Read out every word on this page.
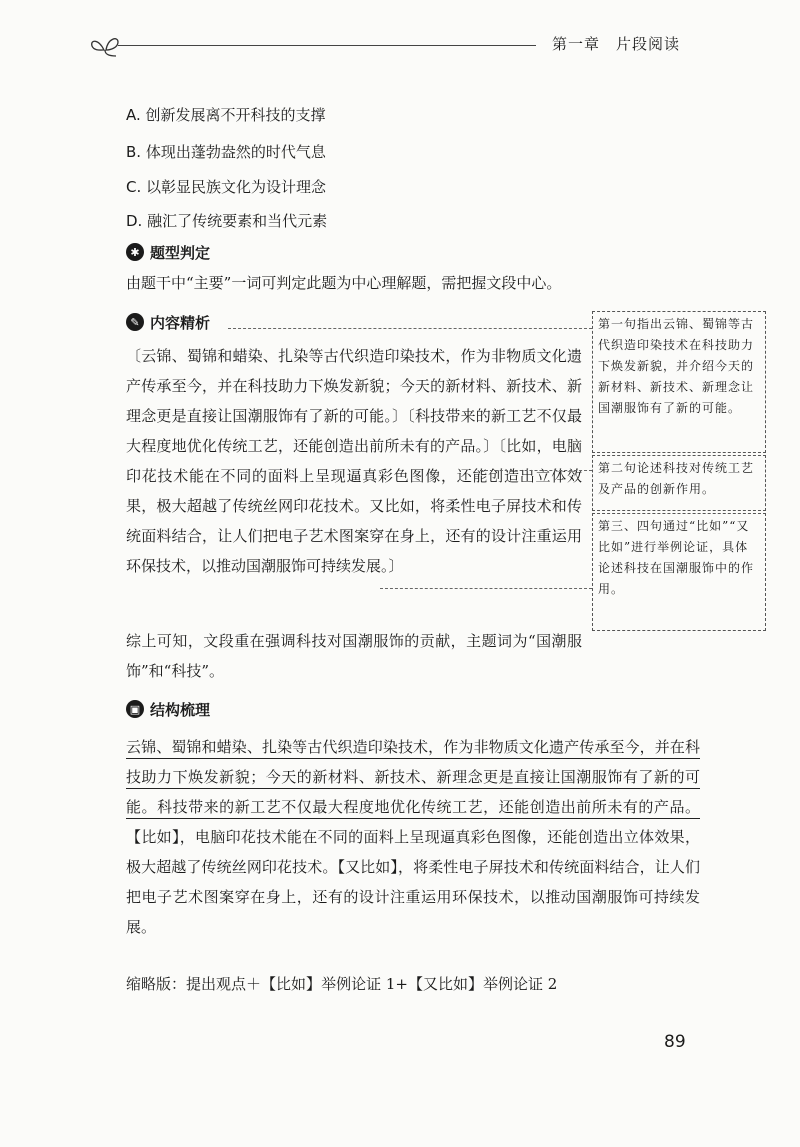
第一章　片段阅读
A. 创新发展离不开科技的支撑
B. 体现出蓬勃盎然的时代气息
C. 以彰显民族文化为设计理念
D. 融汇了传统要素和当代元素
✱ 题型判定
由题干中“主要”一词可判定此题为中心理解题，需把握文段中心。
✎ 内容精析
〔 云锦、蜀锦和蜡染、扎染等古代织造印染技术，作为非物质文化遗产传承至今，并在科技助力下焕发新貌；今天的新材料、新技术、新理念更是直接让国潮服饰有了新的可能。 〕 〔 科技带来的新工艺不仅最大程度地优化传统工艺，还能创造出前所未有的产品。 〕 〔 比如，电脑印花技术能在不同的面料上呈现逼真彩色图像，还能创造出立体效果，极大超越了传统丝网印花技术。又比如，将柔性电子屏技术和传统面料结合，让人们把电子艺术图案穿在身上，还有的设计注重运用环保技术，以推动国潮服饰可持续发展。 〕
第一句指出云锦、蜀锦等古代织造印染技术在科技助力下焕发新貌，并介绍今天的新材料、新技术、新理念让国潮服饰有了新的可能。
第二句论述科技对传统工艺及产品的创新作用。
第三、四句通过“比如”“又比如”进行举例论证，具体论述科技在国潮服饰中的作用。
综上可知，文段重在强调科技对国潮服饰的贡献，主题词为“国潮服饰”和“科技”。
▣ 结构梳理
云锦、蜀锦和蜡染、扎染等古代织造印染技术，作为非物质文化遗产传承至今，并在科技助力下焕发新貌；今天的新材料、新技术、新理念更是直接让国潮服饰有了新的可能。科技带来的新工艺不仅最大程度地优化传统工艺，还能创造出前所未有的产品。【 比如 】 ，电脑印花技术能在不同的面料上呈现逼真彩色图像，还能创造出立体效果，极大超越了传统丝网印花技术。 【 又比如 】 ，将柔性电子屏技术和传统面料结合，让人们把电子艺术图案穿在身上，还有的设计注重运用环保技术，以推动国潮服饰可持续发展。
缩略版：提出观点＋ 【 比如 】 举例论证 1+ 【 又比如 】 举例论证 2
89
